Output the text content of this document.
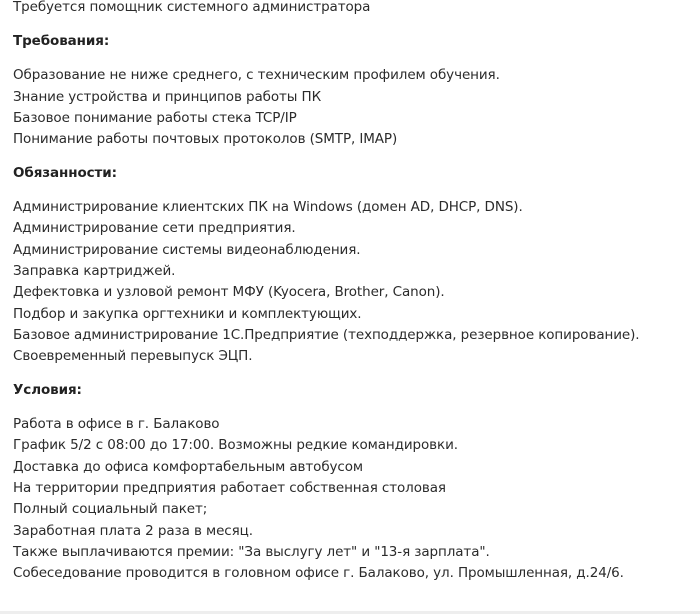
Требуется помощник системного администратора
Требования:
Образование не ниже среднего, с техническим профилем обучения.
Знание устройства и принципов работы ПК
Базовое понимание работы стека TCP/IP
Понимание работы почтовых протоколов (SMTP, IMAP)
Обязанности:
Администрирование клиентских ПК на Windows (домен AD, DHCP, DNS).
Администрирование сети предприятия.
Администрирование системы видеонаблюдения.
Заправка картриджей.
Дефектовка и узловой ремонт МФУ (Kyocera, Brother, Canon).
Подбор и закупка оргтехники и комплектующих.
Базовое администрирование 1С.Предприятие (техподдержка, резервное копирование).
Своевременный перевыпуск ЭЦП.
Условия:
Работа в офисе в г. Балаково
График 5/2 с 08:00 до 17:00. Возможны редкие командировки.
Доставка до офиса комфортабельным автобусом
На территории предприятия работает собственная столовая
Полный социальный пакет;
Заработная плата 2 раза в месяц.
Также выплачиваются премии: "За выслугу лет" и "13-я зарплата".
Собеседование проводится в головном офисе г. Балаково, ул. Промышленная, д.24/6.
